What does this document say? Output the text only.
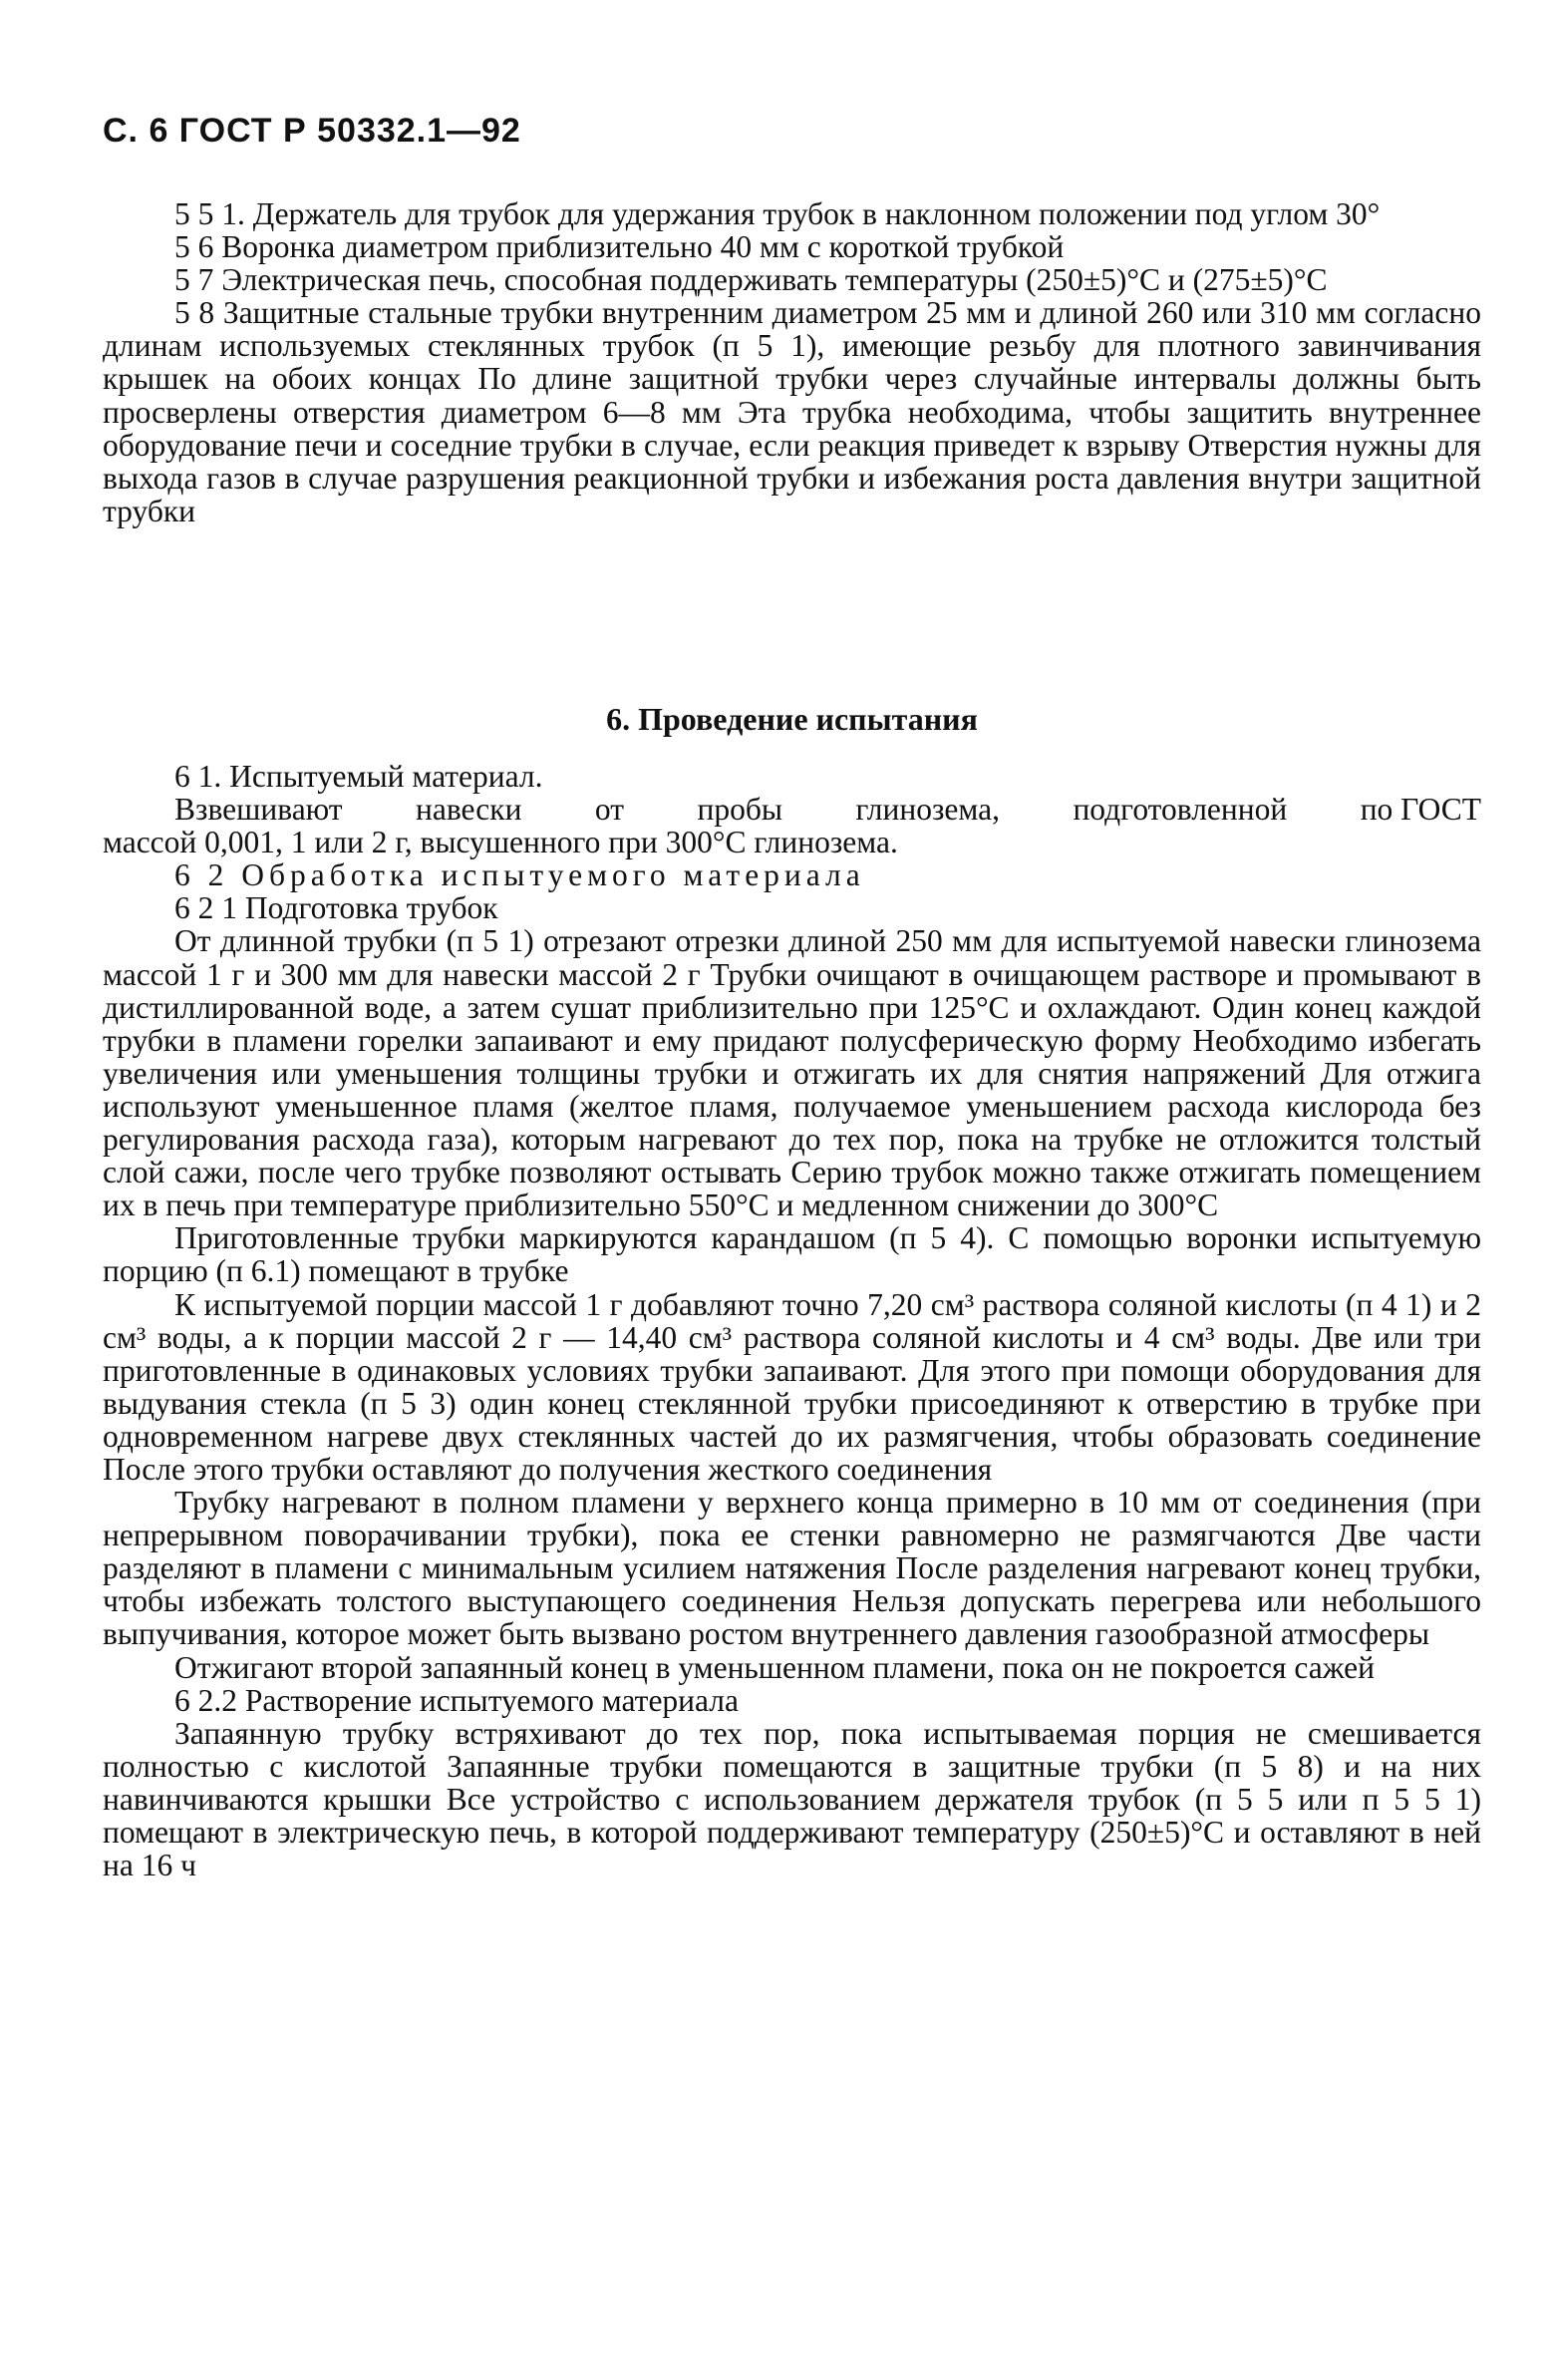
С. 6 ГОСТ Р 50332.1—92

5 5 1. Держатель для трубок для удержания трубок в наклонном положении под углом 30°

5 6 Воронка диаметром приблизительно 40 мм с короткой трубкой

5 7 Электрическая печь, способная поддерживать температуры (250±5)°С и (275±5)°С

5 8 Защитные стальные трубки внутренним диаметром 25 мм и длиной 260 или 310 мм согласно длинам используемых стеклянных трубок (п 5 1), имеющие резьбу для плотного завинчивания крышек на обоих концах По длине защитной трубки через случайные интервалы должны быть просверлены отверстия диаметром 6—8 мм Эта трубка необходима, чтобы защитить внутреннее оборудование печи и соседние трубки в случае, если реакция приведет к взрыву Отверстия нужны для выхода газов в случае разрушения реакционной трубки и избежания роста давления внутри защитной трубки

6. Проведение испытания

6 1. Испытуемый материал.

Взвешивают навески от пробы глинозема, подготовленной по ГОСТ

массой 0,001, 1 или 2 г, высушенного при 300°С глинозема.

6 2 Обработка испытуемого материала

6 2 1 Подготовка трубок

От длинной трубки (п 5 1) отрезают отрезки длиной 250 мм для испытуемой навески глинозема массой 1 г и 300 мм для навески массой 2 г Трубки очищают в очищающем растворе и промывают в дистиллированной воде, а затем сушат приблизительно при 125°С и охлаждают. Один конец каждой трубки в пламени горелки запаивают и ему придают полусферическую форму Необходимо избегать увеличения или уменьшения толщины трубки и отжигать их для снятия напряжений Для отжига используют уменьшенное пламя (желтое пламя, получаемое уменьшением расхода кислорода без регулирования расхода газа), которым нагревают до тех пор, пока на трубке не отложится толстый слой сажи, после чего трубке позволяют остывать Серию трубок можно также отжигать помещением их в печь при температуре приблизительно 550°С и медленном снижении до 300°С

Приготовленные трубки маркируются карандашом (п 5 4). С помощью воронки испытуемую порцию (п 6.1) помещают в трубке

К испытуемой порции массой 1 г добавляют точно 7,20 см³ раствора соляной кислоты (п 4 1) и 2 см³ воды, а к порции массой 2 г — 14,40 см³ раствора соляной кислоты и 4 см³ воды. Две или три приготовленные в одинаковых условиях трубки запаивают. Для этого при помощи оборудования для выдувания стекла (п 5 3) один конец стеклянной трубки присоединяют к отверстию в трубке при одновременном нагреве двух стеклянных частей до их размягчения, чтобы образовать соединение После этого трубки оставляют до получения жесткого соединения

Трубку нагревают в полном пламени у верхнего конца примерно в 10 мм от соединения (при непрерывном поворачивании трубки), пока ее стенки равномерно не размягчаются Две части разделяют в пламени с минимальным усилием натяжения После разделения нагревают конец трубки, чтобы избежать толстого выступающего соединения Нельзя допускать перегрева или небольшого выпучивания, которое может быть вызвано ростом внутреннего давления газообразной атмосферы

Отжигают второй запаянный конец в уменьшенном пламени, пока он не покроется сажей

6 2.2 Растворение испытуемого материала

Запаянную трубку встряхивают до тех пор, пока испытываемая порция не смешивается полностью с кислотой Запаянные трубки помещаются в защитные трубки (п 5 8) и на них навинчиваются крышки Все устройство с использованием держателя трубок (п 5 5 или п 5 5 1) помещают в электрическую печь, в которой поддерживают температуру (250±5)°С и оставляют в ней на 16 ч
